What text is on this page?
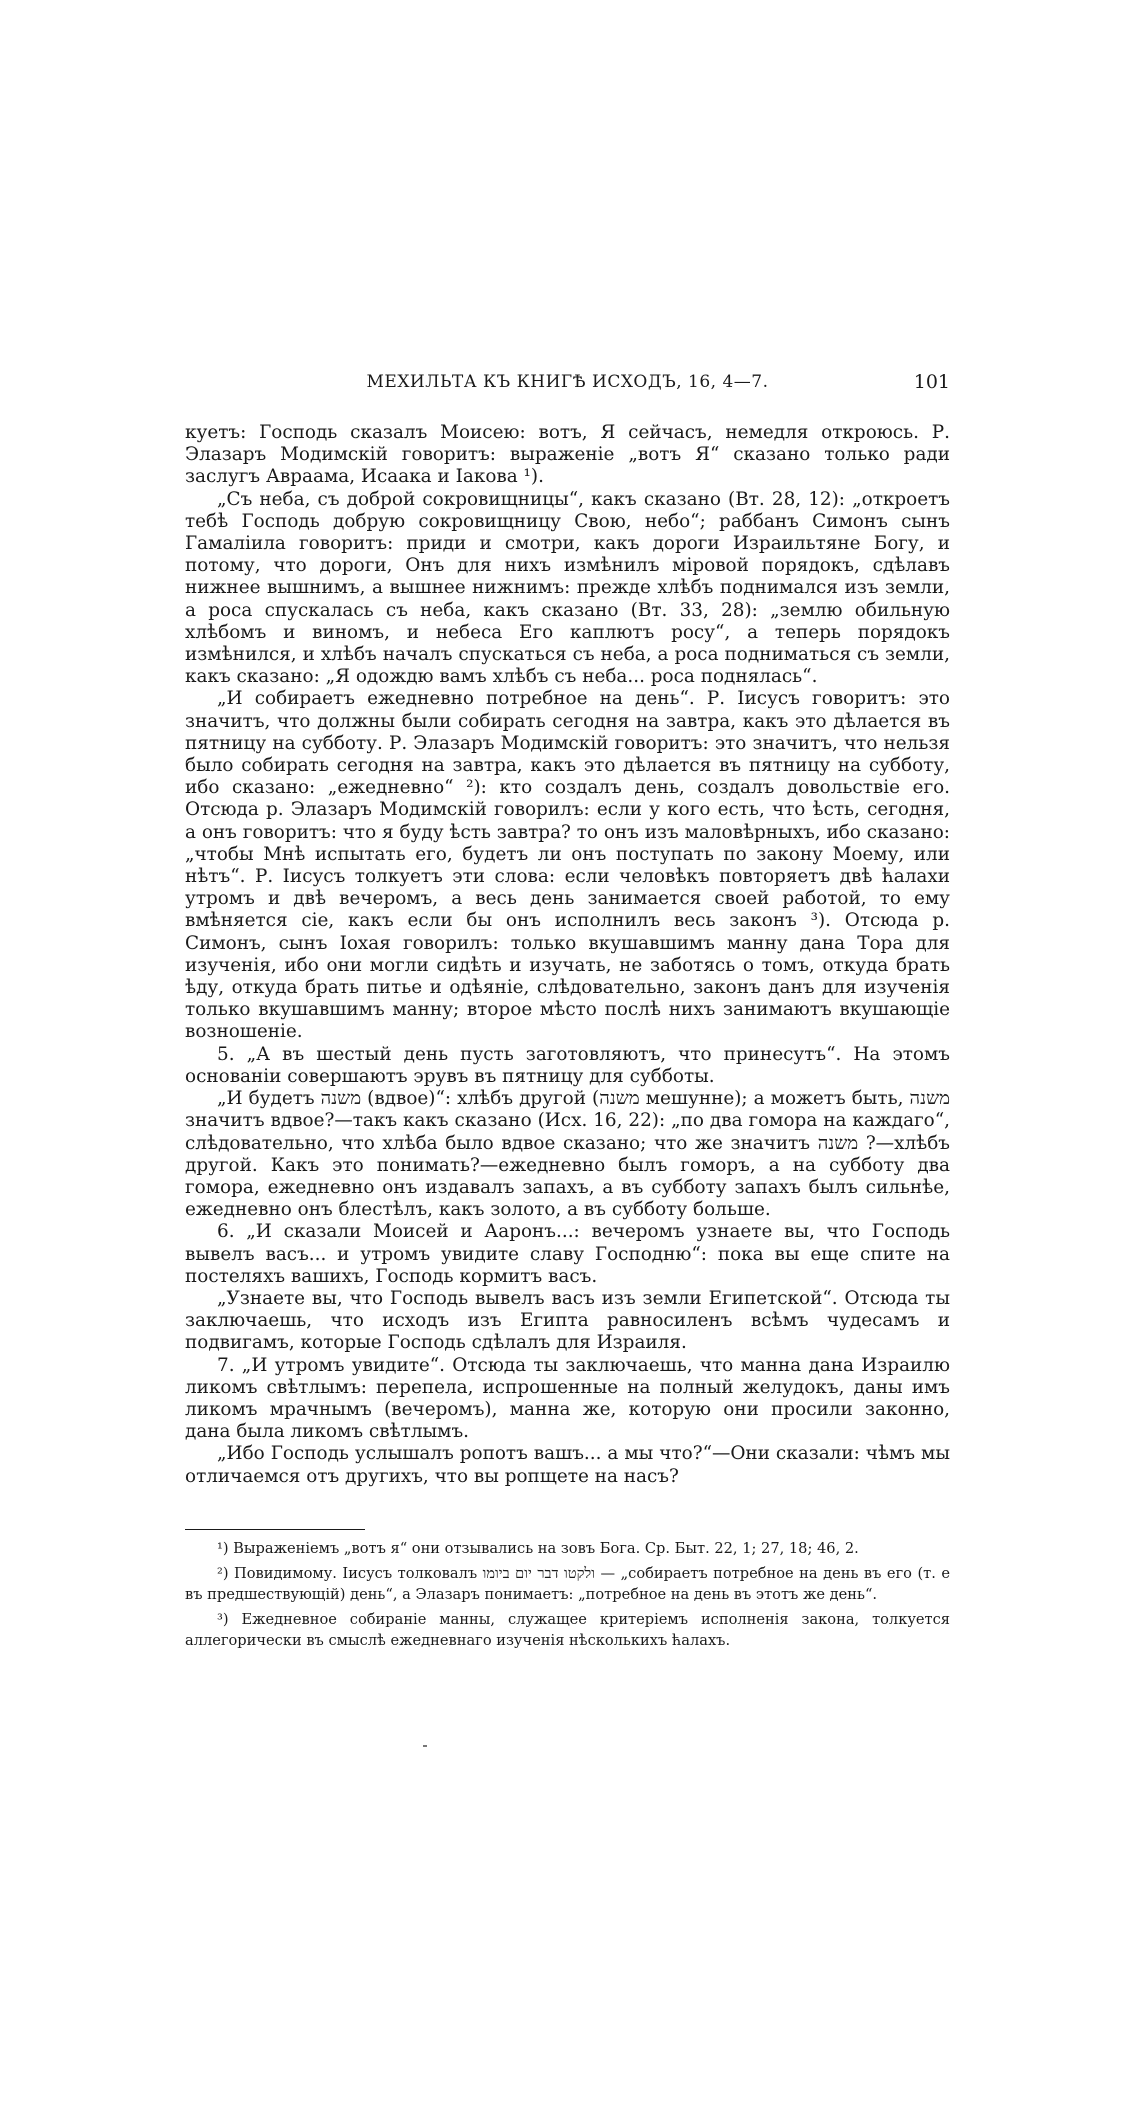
МЕХИЛЬТА КЪ КНИГѢ ИСХОДЪ, 16, 4—7.	101

куетъ: Господь сказалъ Моисею: вотъ, Я сейчасъ, немедля откроюсь. Р. Элазаръ Модимскій говоритъ: выраженіе „вотъ Я“ сказано только ради заслугъ Авраама, Исаака и Іакова ¹).

„Съ неба, съ доброй сокровищницы“, какъ сказано (Вт. 28, 12): „откроетъ тебѣ Господь добрую сокровищницу Свою, небо“; раббанъ Симонъ сынъ Гамаліила говоритъ: приди и смотри, какъ дороги Израильтяне Богу, и потому, что дороги, Онъ для нихъ измѣнилъ міровой порядокъ, сдѣлавъ нижнее вышнимъ, а вышнее нижнимъ: прежде хлѣбъ поднимался изъ земли, а роса спускалась съ неба, какъ сказано (Вт. 33, 28): „землю обильную хлѣбомъ и виномъ, и небеса Его каплютъ росу“, а теперь порядокъ измѣнился, и хлѣбъ началъ спускаться съ неба, а роса подниматься съ земли, какъ сказано: „Я одождю вамъ хлѣбъ съ неба... роса поднялась“.

„И собираетъ ежедневно потребное на день“. Р. Іисусъ говоритъ: это значитъ, что должны были собирать сегодня на завтра, какъ это дѣлается въ пятницу на субботу. Р. Элазаръ Модимскій говоритъ: это значитъ, что нельзя было собирать сегодня на завтра, какъ это дѣлается въ пятницу на субботу, ибо сказано: „ежедневно“ ²): кто создалъ день, создалъ довольствіе его. Отсюда р. Элазаръ Модимскій говорилъ: если у кого есть, что ѣсть, сегодня, а онъ говоритъ: что я буду ѣсть завтра? то онъ изъ маловѣрныхъ, ибо сказано: „чтобы Мнѣ испытать его, будетъ ли онъ поступать по закону Моему, или нѣтъ“. Р. Іисусъ толкуетъ эти слова: если человѣкъ повторяетъ двѣ ћалахи утромъ и двѣ вечеромъ, а весь день занимается своей работой, то ему вмѣняется сіе, какъ если бы онъ исполнилъ весь законъ ³). Отсюда р. Симонъ, сынъ Іохая говорилъ: только вкушавшимъ манну дана Тора для изученія, ибо они могли сидѣть и изучать, не заботясь о томъ, откуда брать ѣду, откуда брать питье и одѣяніе, слѣдовательно, законъ данъ для изученія только вкушавшимъ манну; второе мѣсто послѣ нихъ занимаютъ вкушающіе возношеніе.

5. „А въ шестый день пусть заготовляютъ, что принесутъ“. На этомъ основаніи совершаютъ эрувъ въ пятницу для субботы.

„И будетъ משנה (вдвое)“: хлѣбъ другой (משנה мешунне); а можетъ быть, משנה значитъ вдвое?—такъ какъ сказано (Исх. 16, 22): „по два гомора на каждаго“, слѣдовательно, что хлѣба было вдвое сказано; что же значитъ משנה ?—хлѣбъ другой. Какъ это понимать?—ежедневно былъ гоморъ, а на субботу два гомора, ежедневно онъ издавалъ запахъ, а въ субботу запахъ былъ сильнѣе, ежедневно онъ блестѣлъ, какъ золото, а въ субботу больше.

6. „И сказали Моисей и Ааронъ...: вечеромъ узнаете вы, что Господь вывелъ васъ... и утромъ увидите славу Господню“: пока вы еще спите на постеляхъ вашихъ, Господь кормитъ васъ.

„Узнаете вы, что Господь вывелъ васъ изъ земли Египетской“. Отсюда ты заключаешь, что исходъ изъ Египта равносиленъ всѣмъ чудесамъ и подвигамъ, которые Господь сдѣлалъ для Израиля.

7. „И утромъ увидите“. Отсюда ты заключаешь, что манна дана Израилю ликомъ свѣтлымъ: перепела, испрошенные на полный желудокъ, даны имъ ликомъ мрачнымъ (вечеромъ), манна же, которую они просили законно, дана была ликомъ свѣтлымъ.

„Ибо Господь услышалъ ропотъ вашъ... а мы что?“—Они сказали: чѣмъ мы отличаемся отъ другихъ, что вы ропщете на насъ?

¹) Выраженіемъ „вотъ я“ они отзывались на зовъ Бога. Ср. Быт. 22, 1; 27, 18; 46, 2.

²) Повидимому. Іисусъ толковалъ ולקטו דבר יום ביומו — „собираетъ потребное на день въ его (т. е въ предшествующій) день“, а Элазаръ понимаетъ: „потребное на день въ этотъ же день“.

³) Ежедневное собираніе манны, служащее критеріемъ исполненія закона, толкуется аллегорически въ смыслѣ ежедневнаго изученія нѣсколькихъ ћалахъ.
